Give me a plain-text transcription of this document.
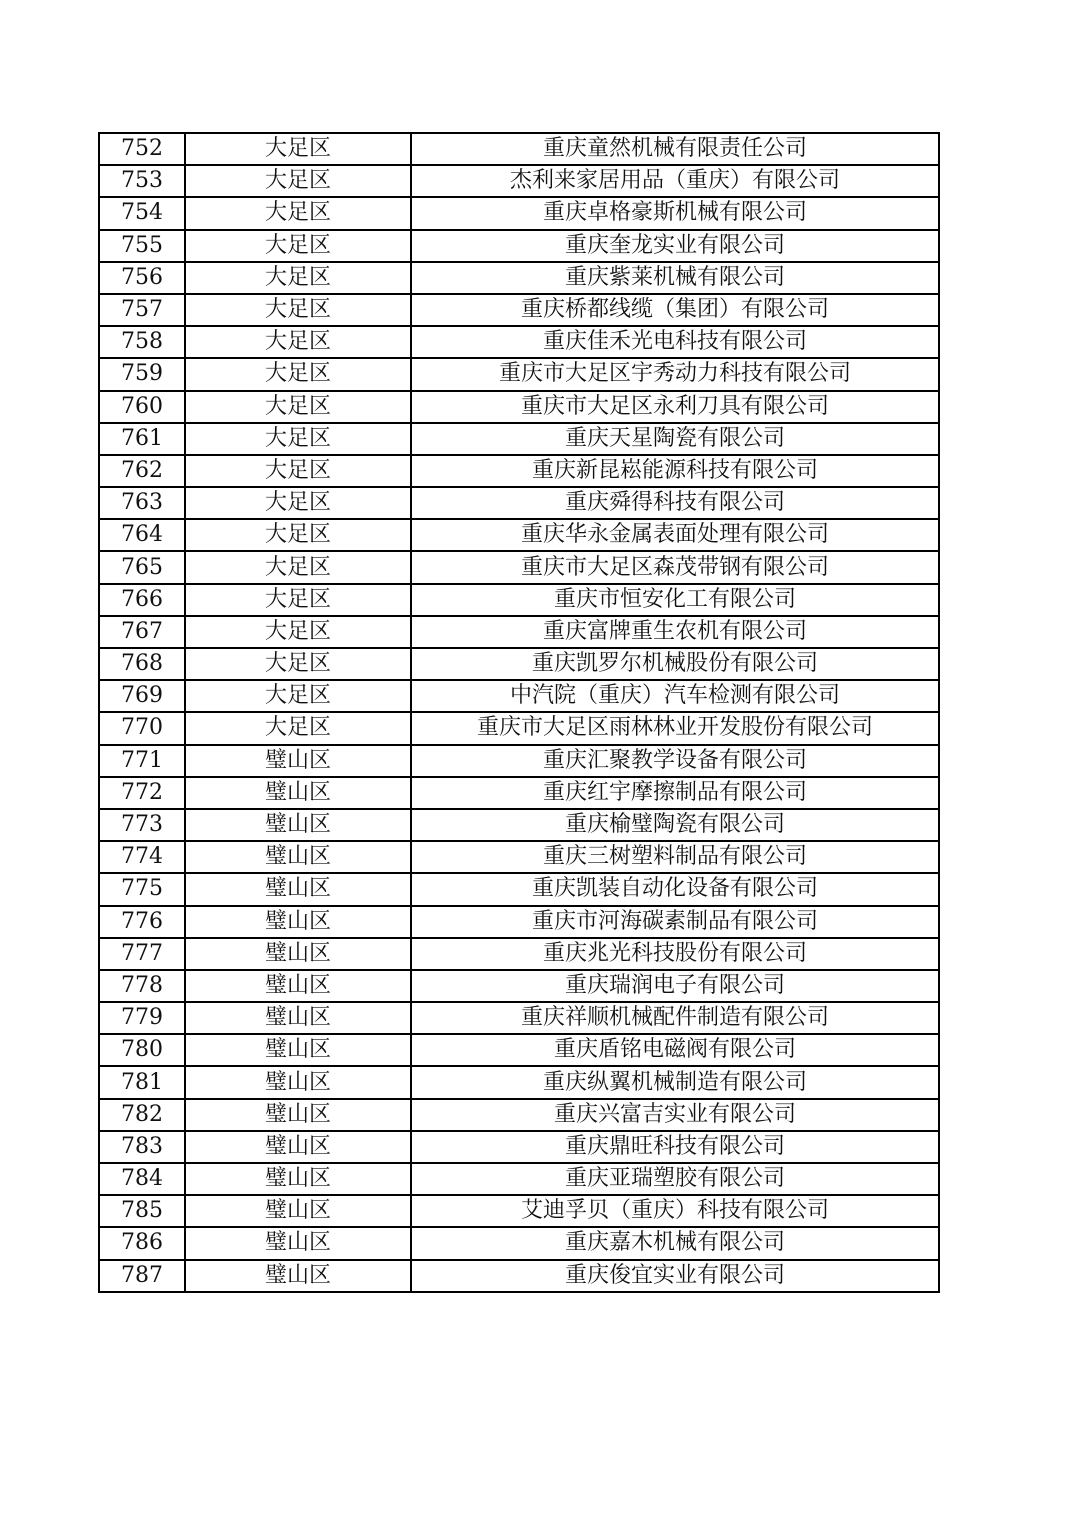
752	大足区	重庆童然机械有限责任公司
753	大足区	杰利来家居用品（重庆）有限公司
754	大足区	重庆卓格豪斯机械有限公司
755	大足区	重庆奎龙实业有限公司
756	大足区	重庆紫莱机械有限公司
757	大足区	重庆桥都线缆（集团）有限公司
758	大足区	重庆佳禾光电科技有限公司
759	大足区	重庆市大足区宇秀动力科技有限公司
760	大足区	重庆市大足区永利刀具有限公司
761	大足区	重庆天星陶瓷有限公司
762	大足区	重庆新昆崧能源科技有限公司
763	大足区	重庆舜得科技有限公司
764	大足区	重庆华永金属表面处理有限公司
765	大足区	重庆市大足区森茂带钢有限公司
766	大足区	重庆市恒安化工有限公司
767	大足区	重庆富牌重生农机有限公司
768	大足区	重庆凯罗尔机械股份有限公司
769	大足区	中汽院（重庆）汽车检测有限公司
770	大足区	重庆市大足区雨林林业开发股份有限公司
771	璧山区	重庆汇聚教学设备有限公司
772	璧山区	重庆红宇摩擦制品有限公司
773	璧山区	重庆榆璧陶瓷有限公司
774	璧山区	重庆三树塑料制品有限公司
775	璧山区	重庆凯装自动化设备有限公司
776	璧山区	重庆市河海碳素制品有限公司
777	璧山区	重庆兆光科技股份有限公司
778	璧山区	重庆瑞润电子有限公司
779	璧山区	重庆祥顺机械配件制造有限公司
780	璧山区	重庆盾铭电磁阀有限公司
781	璧山区	重庆纵翼机械制造有限公司
782	璧山区	重庆兴富吉实业有限公司
783	璧山区	重庆鼎旺科技有限公司
784	璧山区	重庆亚瑞塑胶有限公司
785	璧山区	艾迪孚贝（重庆）科技有限公司
786	璧山区	重庆嘉木机械有限公司
787	璧山区	重庆俊宜实业有限公司
